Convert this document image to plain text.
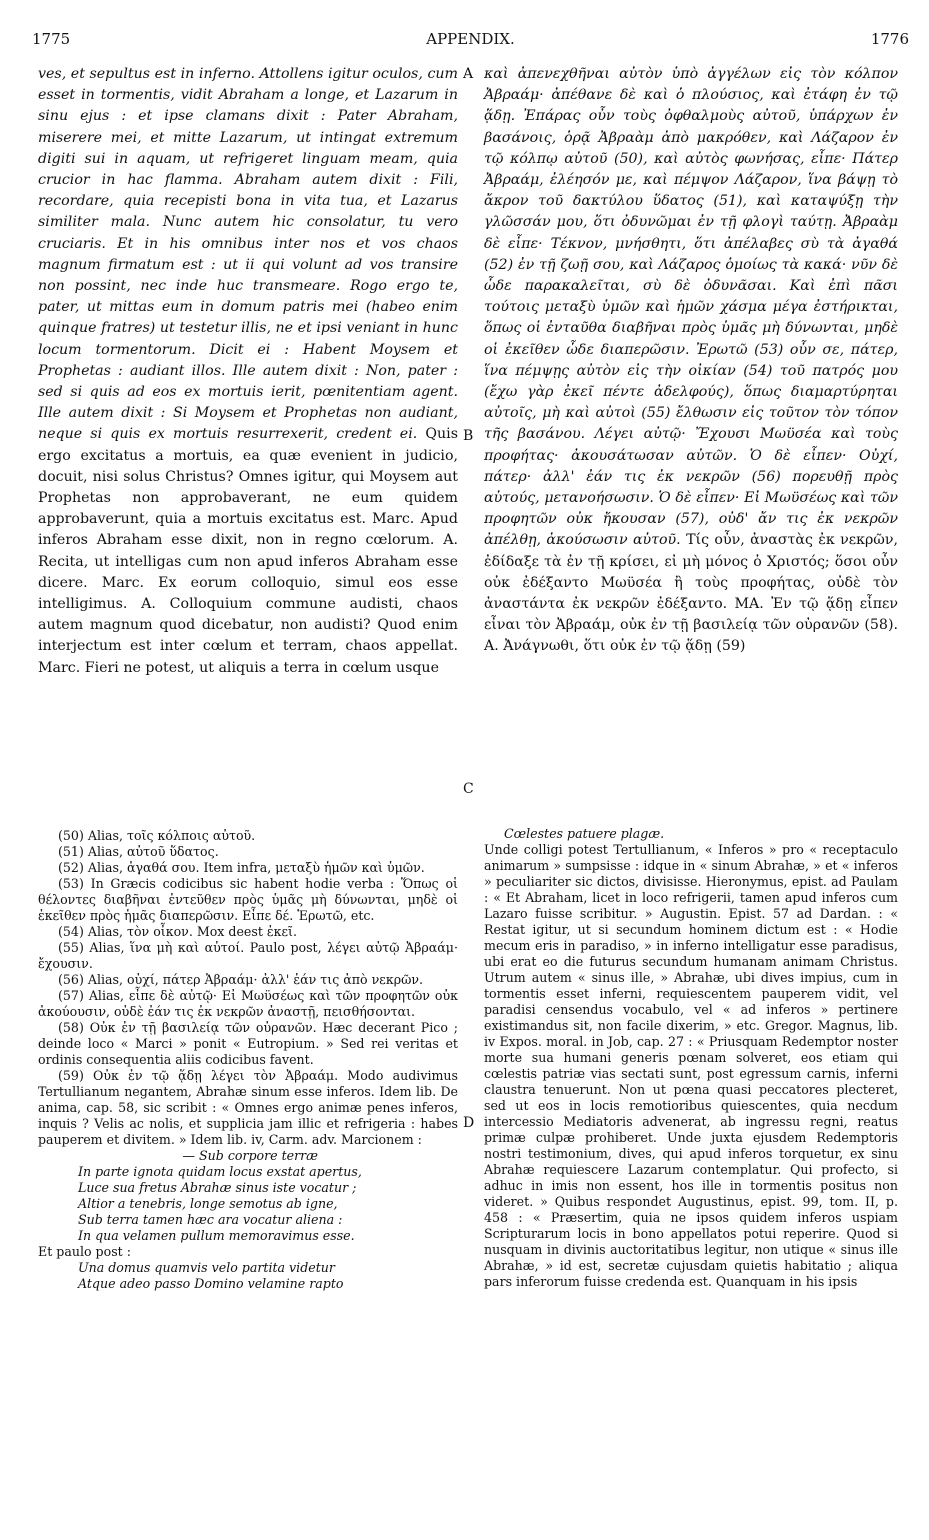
1775	APPENDIX.	1776

ves, et sepultus est in inferno. Attollens igitur oculos, cum esset in tormentis, vidit Abraham a longe, et Lazarum in sinu ejus : et ipse clamans dixit : Pater Abraham, miserere mei, et mitte Lazarum, ut intingat extremum digiti sui in aquam, ut refrigeret linguam meam, quia crucior in hac flamma. Abraham autem dixit : Fili, recordare, quia recepisti bona in vita tua, et Lazarus similiter mala. Nunc autem hic consolatur, tu vero cruciaris. Et in his omnibus inter nos et vos chaos magnum firmatum est : ut ii qui volunt ad vos transire non possint, nec inde huc transmeare. Rogo ergo te, pater, ut mittas eum in domum patris mei (habeo enim quinque fratres) ut testetur illis, ne et ipsi veniant in hunc locum tormentorum. Dicit ei : Habent Moysem et Prophetas : audiant illos. Ille autem dixit : Non, pater : sed si quis ad eos ex mortuis ierit, pœnitentiam agent. Ille autem dixit : Si Moysem et Prophetas non audiant, neque si quis ex mortuis resurrexerit, credent ei. Quis ergo excitatus a mortuis, ea quæ evenient in judicio, docuit, nisi solus Christus? Omnes igitur, qui Moysem aut Prophetas non approbaverant, ne eum quidem approbaverunt, quia a mortuis excitatus est. Marc. Apud inferos Abraham esse dixit, non in regno cœlorum. A. Recita, ut intelligas cum non apud inferos Abraham esse dicere. Marc. Ex eorum colloquio, simul eos esse intelligimus. A. Colloquium commune audisti, chaos autem magnum quod dicebatur, non audisti? Quod enim interjectum est inter cœlum et terram, chaos appellat. Marc. Fieri ne potest, ut aliquis a terra in cœlum usque

A
B
C
D

καὶ ἀπενεχθῆναι αὐτὸν ὑπὸ ἀγγέλων εἰς τὸν κόλπον Ἀβραάμ· ἀπέθανε δὲ καὶ ὁ πλούσιος, καὶ ἐτάφη ἐν τῷ ᾅδῃ. Ἐπάρας οὖν τοὺς ὀφθαλμοὺς αὐτοῦ, ὑπάρχων ἐν βασάνοις, ὁρᾷ Ἀβραὰμ ἀπὸ μακρόθεν, καὶ Λάζαρον ἐν τῷ κόλπῳ αὐτοῦ (50), καὶ αὐτὸς φωνήσας, εἶπε· Πάτερ Ἀβραάμ, ἐλέησόν με, καὶ πέμψον Λάζαρον, ἵνα βάψῃ τὸ ἄκρον τοῦ δακτύλου ὕδατος (51), καὶ καταψύξῃ τὴν γλῶσσάν μου, ὅτι ὀδυνῶμαι ἐν τῇ φλογὶ ταύτῃ. Ἀβραὰμ δὲ εἶπε· Τέκνον, μνήσθητι, ὅτι ἀπέλαβες σὺ τὰ ἀγαθά (52) ἐν τῇ ζωῇ σου, καὶ Λάζαρος ὁμοίως τὰ κακά· νῦν δὲ ὧδε παρακαλεῖται, σὺ δὲ ὀδυνᾶσαι. Καὶ ἐπὶ πᾶσι τούτοις μεταξὺ ὑμῶν καὶ ἡμῶν χάσμα μέγα ἐστήρικται, ὅπως οἱ ἐνταῦθα διαβῆναι πρὸς ὑμᾶς μὴ δύνωνται, μηδὲ οἱ ἐκεῖθεν ὧδε διαπερῶσιν. Ἐρωτῶ (53) οὖν σε, πάτερ, ἵνα πέμψῃς αὐτὸν εἰς τὴν οἰκίαν (54) τοῦ πατρός μου (ἔχω γὰρ ἐκεῖ πέντε ἀδελφούς), ὅπως διαμαρτύρηται αὐτοῖς, μὴ καὶ αὐτοὶ (55) ἔλθωσιν εἰς τοῦτον τὸν τόπον τῆς βασάνου. Λέγει αὐτῷ· Ἔχουσι Μωϋσέα καὶ τοὺς προφήτας· ἀκουσάτωσαν αὐτῶν. Ὁ δὲ εἶπεν· Οὐχί, πάτερ· ἀλλ' ἐάν τις ἐκ νεκρῶν (56) πορευθῇ πρὸς αὐτούς, μετανοήσωσιν. Ὁ δὲ εἶπεν· Εἰ Μωϋσέως καὶ τῶν προφητῶν οὐκ ἤκουσαν (57), οὐδ' ἄν τις ἐκ νεκρῶν ἀπέλθῃ, ἀκούσωσιν αὐτοῦ. Τίς οὖν, ἀναστὰς ἐκ νεκρῶν, ἐδίδαξε τὰ ἐν τῇ κρίσει, εἰ μὴ μόνος ὁ Χριστός; ὅσοι οὖν οὐκ ἐδέξαντο Μωϋσέα ἢ τοὺς προφήτας, οὐδὲ τὸν ἀναστάντα ἐκ νεκρῶν ἐδέξαντο. ΜΑ. Ἐν τῷ ᾅδῃ εἶπεν εἶναι τὸν Ἀβραάμ, οὐκ ἐν τῇ βασιλείᾳ τῶν οὐρανῶν (58). Α. Ἀνάγνωθι, ὅτι οὐκ ἐν τῷ ᾅδῃ (59)

(50) Alias, τοῖς κόλποις αὐτοῦ.

(51) Alias, αὐτοῦ ὕδατος.

(52) Alias, ἀγαθά σου. Item infra, μεταξὺ ἡμῶν καὶ ὑμῶν.

(53) In Græcis codicibus sic habent hodie verba : Ὅπως οἱ θέλοντες διαβῆναι ἐντεῦθεν πρὸς ὑμᾶς μὴ δύνωνται, μηδὲ οἱ ἐκεῖθεν πρὸς ἡμᾶς διαπερῶσιν. Εἶπε δέ. Ἐρωτῶ, etc.

(54) Alias, τὸν οἶκον. Mox deest ἐκεῖ.

(55) Alias, ἵνα μὴ καὶ αὐτοί. Paulo post, λέγει αὐτῷ Ἀβραάμ· ἔχουσιν.

(56) Alias, οὐχί, πάτερ Ἀβραάμ· ἀλλ' ἐάν τις ἀπὸ νεκρῶν.

(57) Alias, εἶπε δὲ αὐτῷ· Εἰ Μωϋσέως καὶ τῶν προφητῶν οὐκ ἀκούουσιν, οὐδὲ ἐάν τις ἐκ νεκρῶν ἀναστῇ, πεισθήσονται.

(58) Οὐκ ἐν τῇ βασιλείᾳ τῶν οὐρανῶν. Hæc decerant Pico ; deinde loco « Marci » ponit « Eutropium. » Sed rei veritas et ordinis consequentia aliis codicibus favent.

(59) Οὐκ ἐν τῷ ᾅδῃ λέγει τὸν Ἀβραάμ. Modo audivimus Tertullianum negantem, Abrahæ sinum esse inferos. Idem lib. De anima, cap. 58, sic scribit : « Omnes ergo animæ penes inferos, inquis ? Velis ac nolis, et supplicia jam illic et refrigeria : habes pauperem et divitem. » Idem lib. iv, Carm. adv. Marcionem :

— Sub corpore terræ

In parte ignota quidam locus exstat apertus,

Luce sua fretus Abrahæ sinus iste vocatur ;

Altior a tenebris, longe semotus ab igne,

Sub terra tamen hæc ara vocatur aliena :

In qua velamen pullum memoravimus esse.

Et paulo post :

Una domus quamvis velo partita videtur

Atque adeo passo Domino velamine rapto

Cœlestes patuere plagæ.

Unde colligi potest Tertullianum, « Inferos » pro « receptaculo animarum » sumpsisse : idque in « sinum Abrahæ, » et « inferos » peculiariter sic dictos, divisisse. Hieronymus, epist. ad Paulam : « Et Abraham, licet in loco refrigerii, tamen apud inferos cum Lazaro fuisse scribitur. » Augustin. Epist. 57 ad Dardan. : « Restat igitur, ut si secundum hominem dictum est : « Hodie mecum eris in paradiso, » in inferno intelligatur esse paradisus, ubi erat eo die futurus secundum humanam animam Christus. Utrum autem « sinus ille, » Abrahæ, ubi dives impius, cum in tormentis esset inferni, requiescentem pauperem vidit, vel paradisi censendus vocabulo, vel « ad inferos » pertinere existimandus sit, non facile dixerim, » etc. Gregor. Magnus, lib. iv Expos. moral. in Job, cap. 27 : « Priusquam Redemptor noster morte sua humani generis pœnam solveret, eos etiam qui cœlestis patriæ vias sectati sunt, post egressum carnis, inferni claustra tenuerunt. Non ut pœna quasi peccatores plecteret, sed ut eos in locis remotioribus quiescentes, quia necdum intercessio Mediatoris advenerat, ab ingressu regni, reatus primæ culpæ prohiberet. Unde juxta ejusdem Redemptoris nostri testimonium, dives, qui apud inferos torquetur, ex sinu Abrahæ requiescere Lazarum contemplatur. Qui profecto, si adhuc in imis non essent, hos ille in tormentis positus non videret. » Quibus respondet Augustinus, epist. 99, tom. II, p. 458 : « Præsertim, quia ne ipsos quidem inferos uspiam Scripturarum locis in bono appellatos potui reperire. Quod si nusquam in divinis auctoritatibus legitur, non utique « sinus ille Abrahæ, » id est, secretæ cujusdam quietis habitatio ; aliqua pars inferorum fuisse credenda est. Quanquam in his ipsis
